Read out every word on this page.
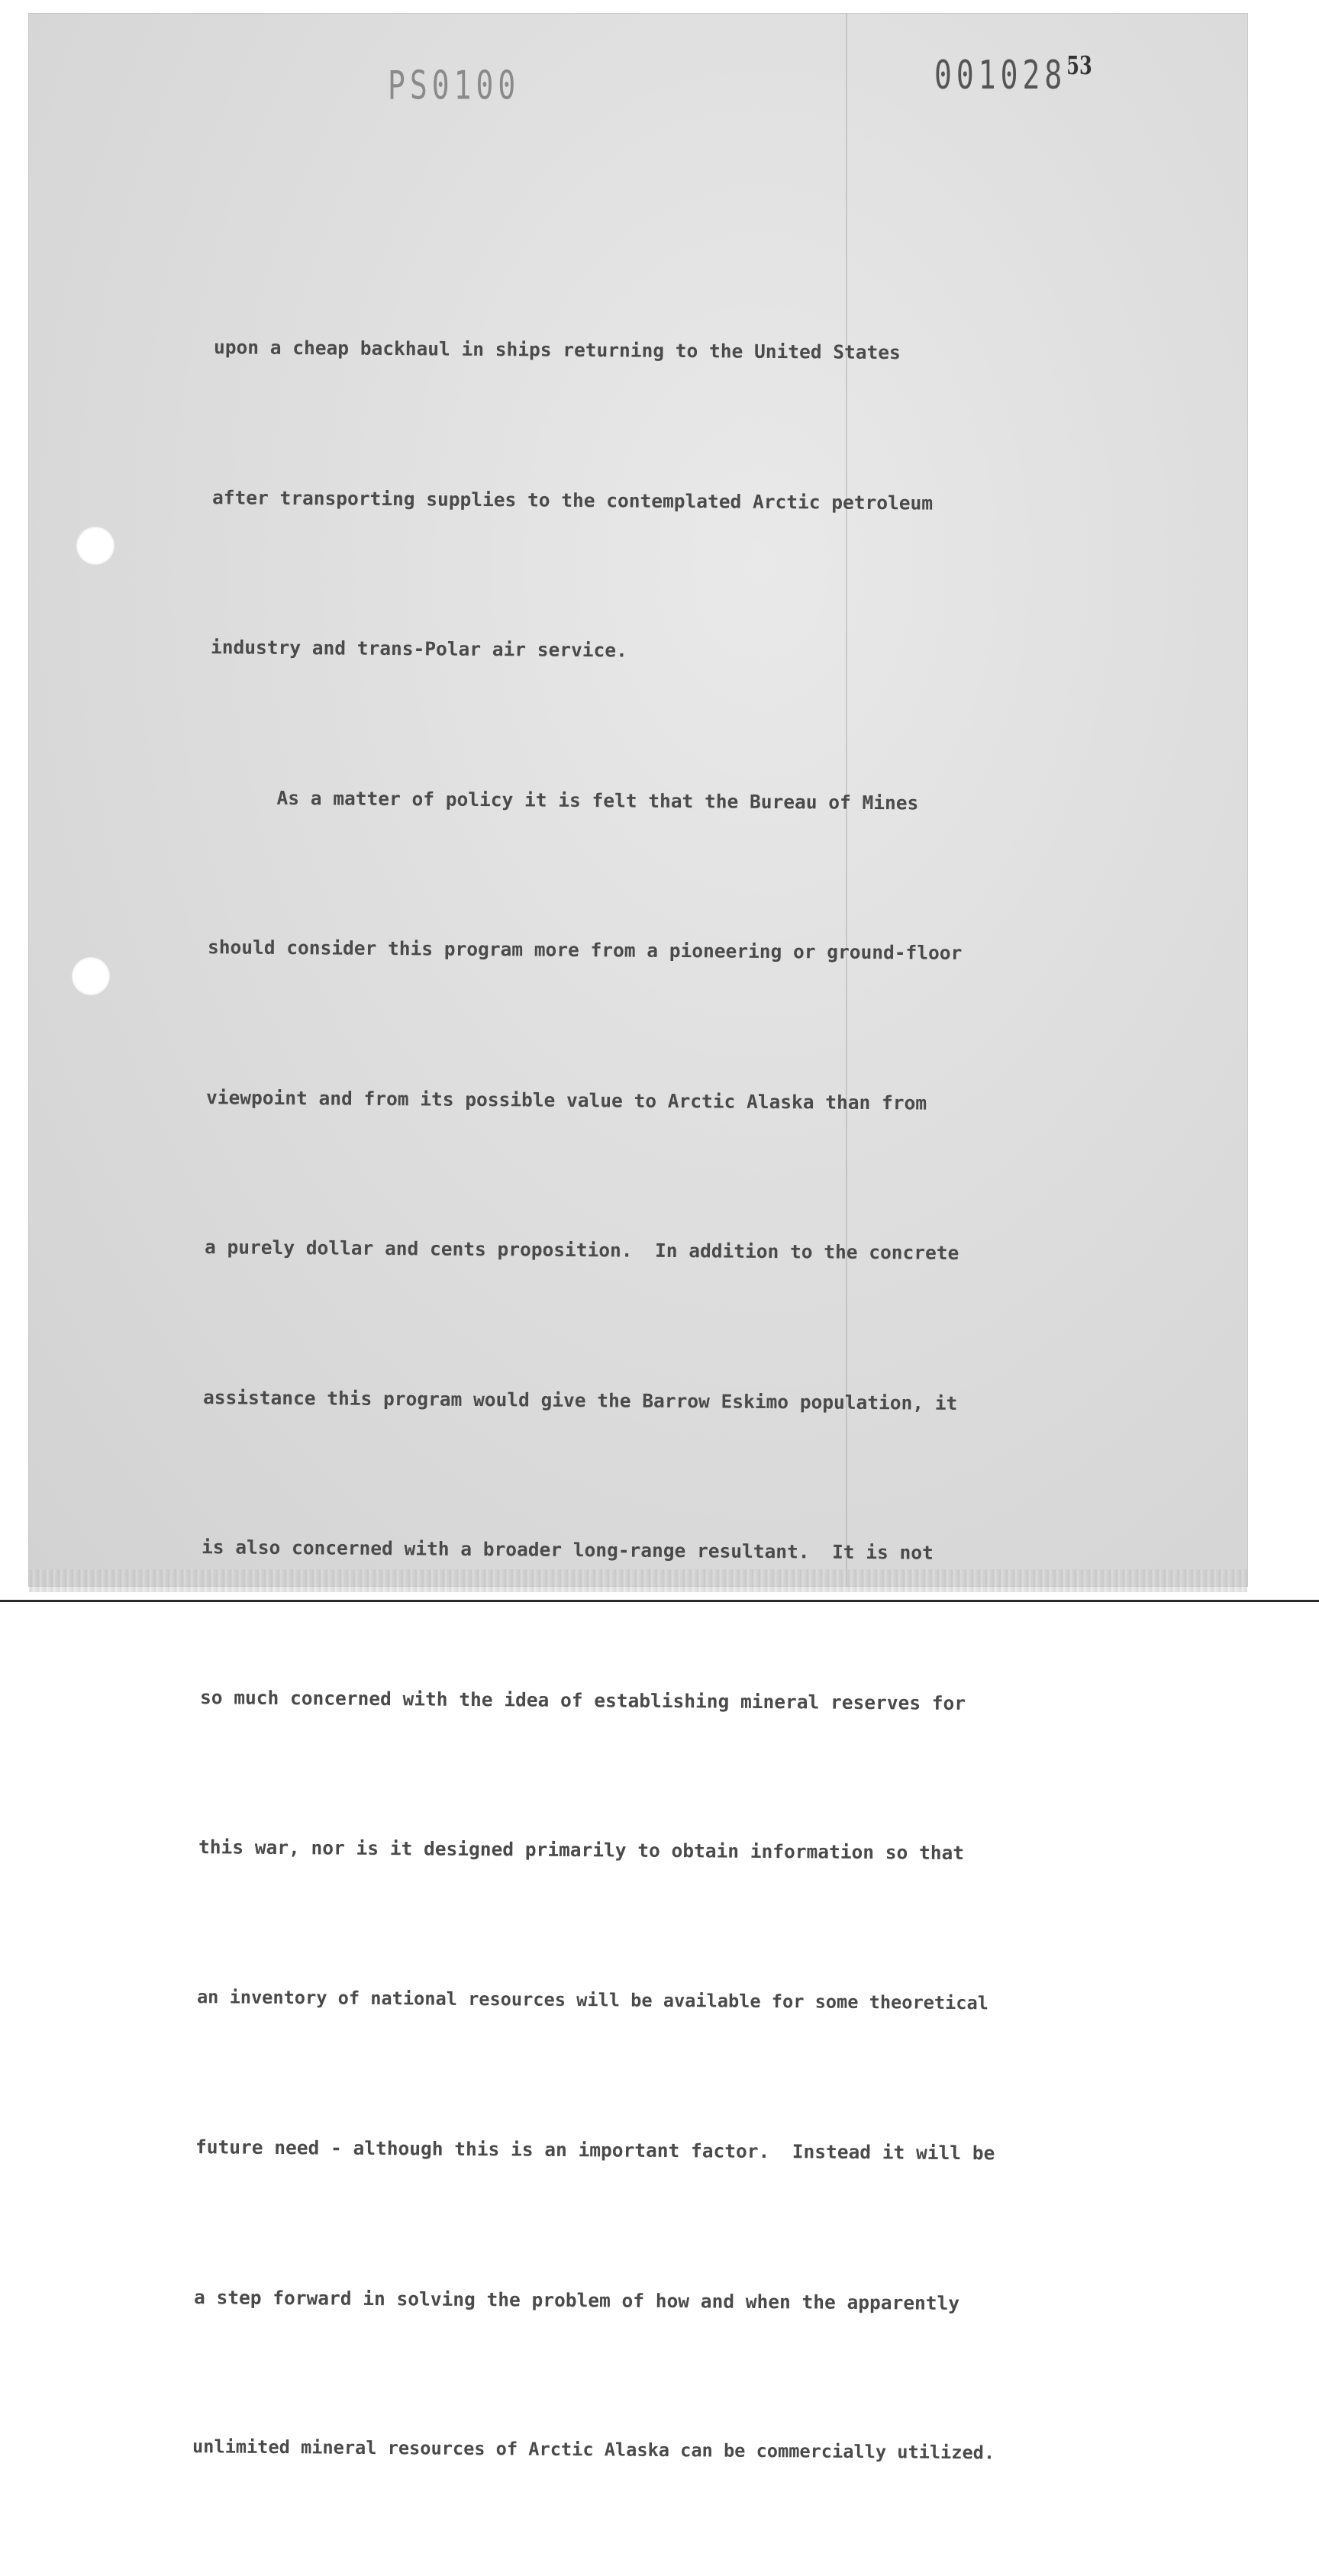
PS0100	001028$^{53}$

upon a cheap backhaul in ships returning to the United States

after transporting supplies to the contemplated Arctic petroleum

industry and trans-Polar air service.

As a matter of policy it is felt that the Bureau of Mines

should consider this program more from a pioneering or ground-floor

viewpoint and from its possible value to Arctic Alaska than from

a purely dollar and cents proposition.  In addition to the concrete

assistance this program would give the Barrow Eskimo population, it

is also concerned with a broader long-range resultant.  It is not

so much concerned with the idea of establishing mineral reserves for

this war, nor is it designed primarily to obtain information so that

an inventory of national resources will be available for some theoretical

future need - although this is an important factor.  Instead it will be

a step forward in solving the problem of how and when the apparently

unlimited mineral resources of Arctic Alaska can be commercially utilized.
